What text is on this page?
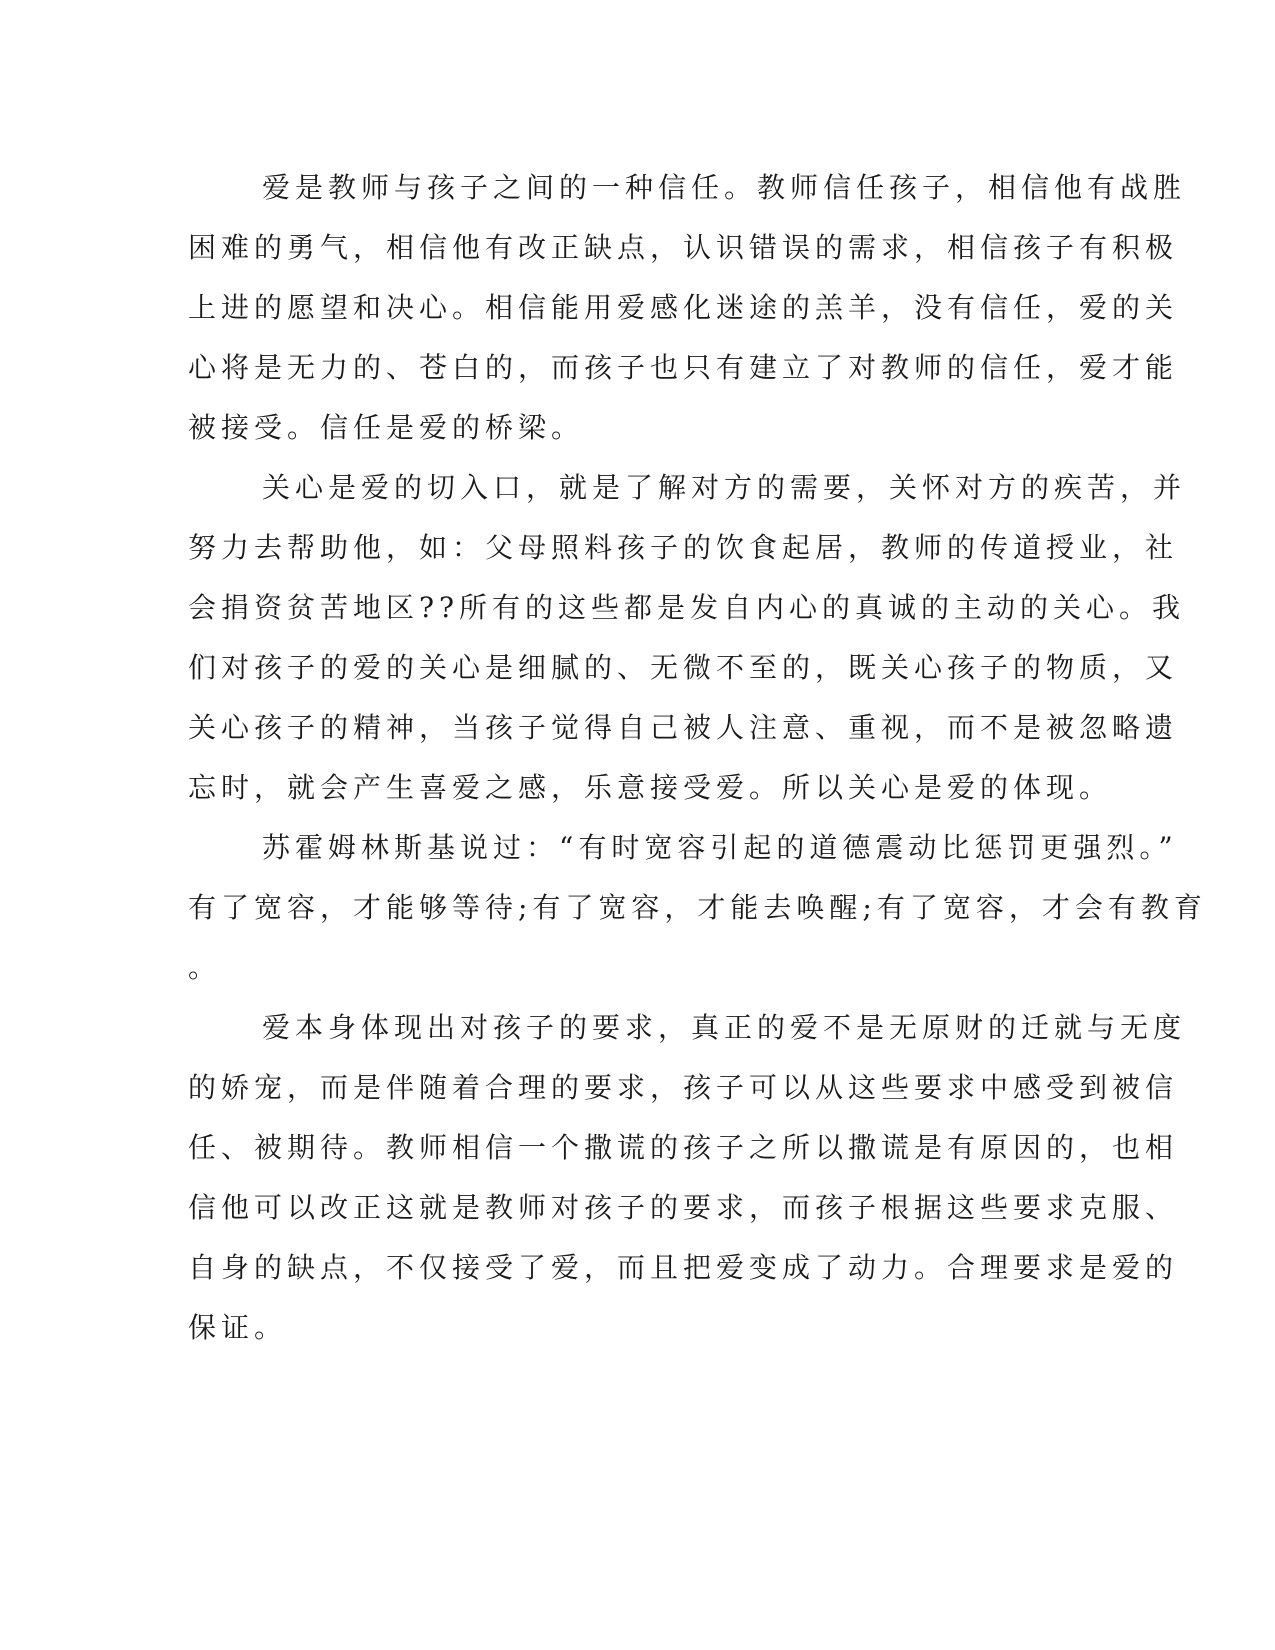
爱是教师与孩子之间的一种信任。教师信任孩子，相信他有战胜
困难的勇气，相信他有改正缺点，认识错误的需求，相信孩子有积极
上进的愿望和决心。相信能用爱感化迷途的羔羊，没有信任，爱的关
心将是无力的、苍白的，而孩子也只有建立了对教师的信任，爱才能
被接受。信任是爱的桥梁。
关心是爱的切入口，就是了解对方的需要，关怀对方的疾苦，并
努力去帮助他，如：父母照料孩子的饮食起居，教师的传道授业，社
会捐资贫苦地区??所有的这些都是发自内心的真诚的主动的关心。我
们对孩子的爱的关心是细腻的、无微不至的，既关心孩子的物质，又
关心孩子的精神，当孩子觉得自己被人注意、重视，而不是被忽略遗
忘时，就会产生喜爱之感，乐意接受爱。所以关心是爱的体现。
苏霍姆林斯基说过：“有时宽容引起的道德震动比惩罚更强烈。”
有了宽容，才能够等待;有了宽容，才能去唤醒;有了宽容，才会有教育
。
爱本身体现出对孩子的要求，真正的爱不是无原财的迁就与无度
的娇宠，而是伴随着合理的要求，孩子可以从这些要求中感受到被信
任、被期待。教师相信一个撒谎的孩子之所以撒谎是有原因的，也相
信他可以改正这就是教师对孩子的要求，而孩子根据这些要求克服、
自身的缺点，不仅接受了爱，而且把爱变成了动力。合理要求是爱的
保证。
